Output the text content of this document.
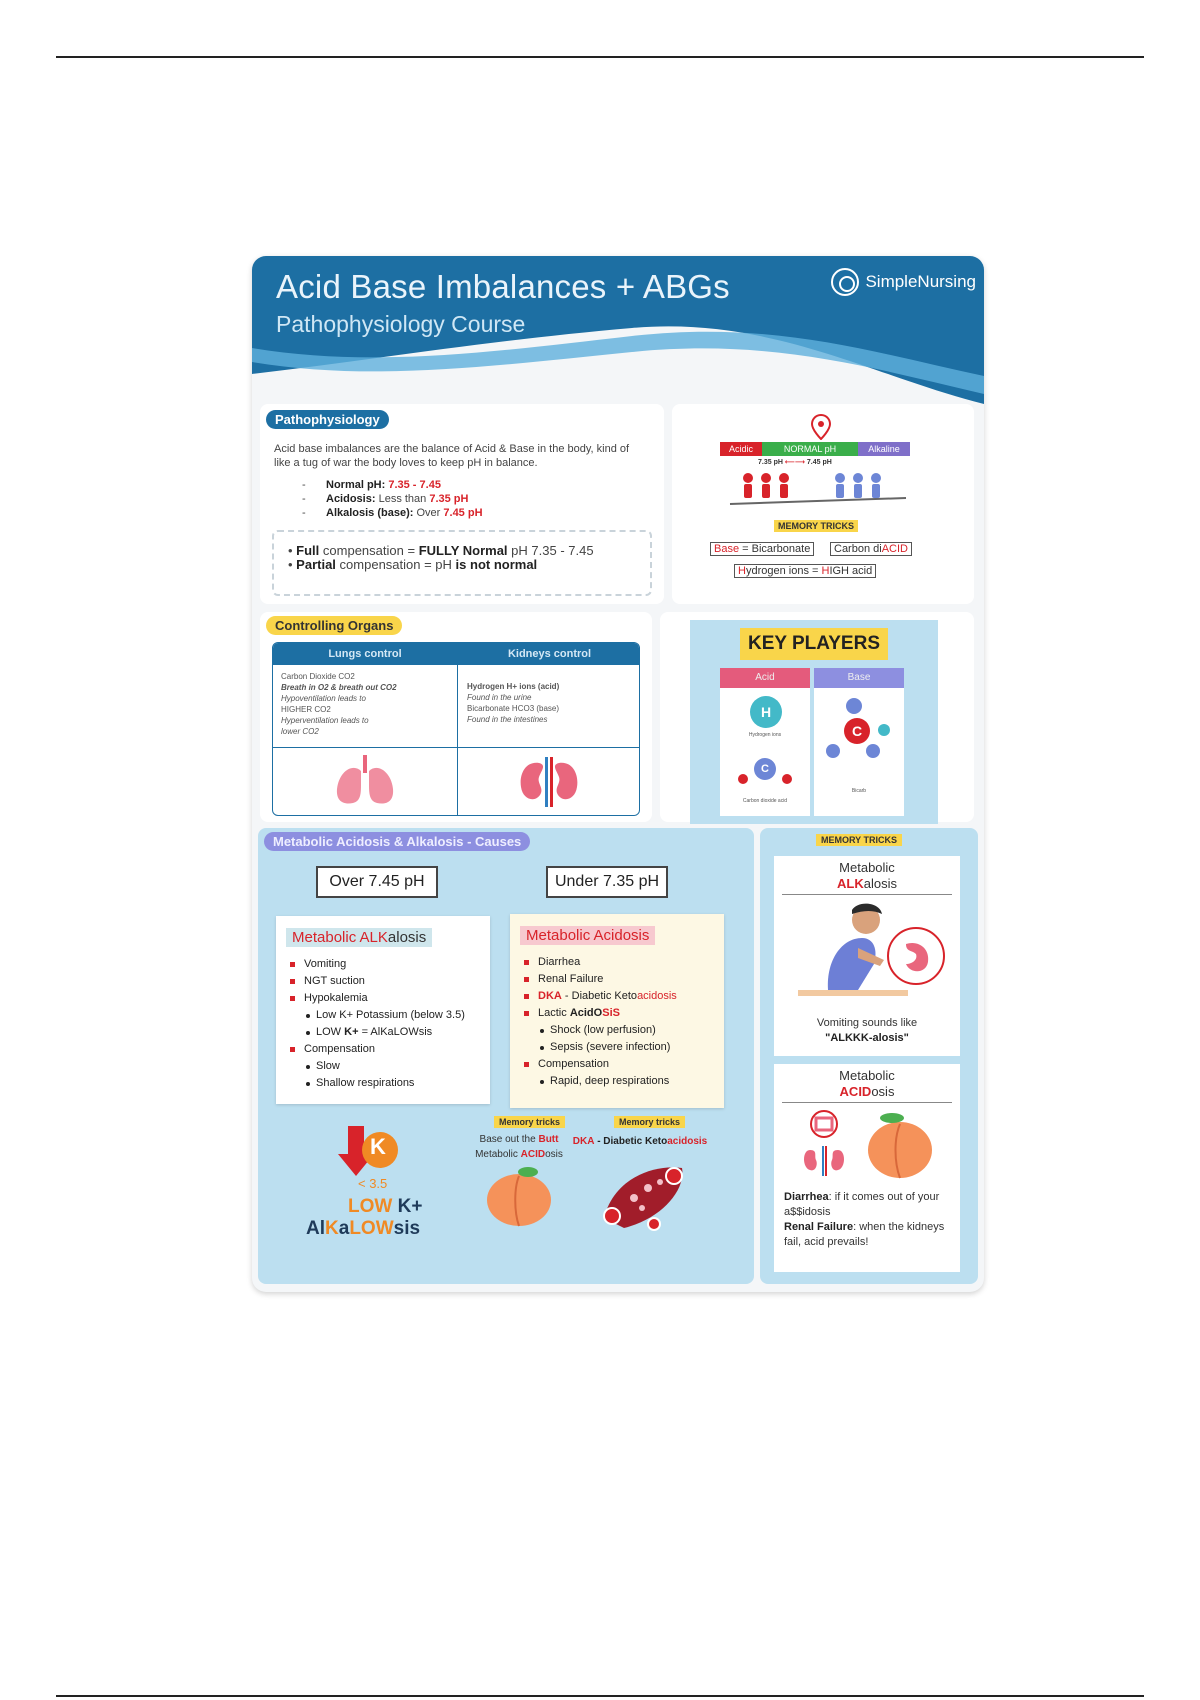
Acid Base Imbalances + ABGs
Pathophysiology Course
SimpleNursing
Pathophysiology
Acid base imbalances are the balance of Acid & Base in the body, kind of like a tug of war the body loves to keep pH in balance.
- Normal pH: 7.35 - 7.45
- Acidosis: Less than 7.35 pH
- Alkalosis (base): Over 7.45 pH
• Full compensation = FULLY Normal pH 7.35 - 7.45
• Partial compensation = pH is not normal
Acidic	NORMAL pH	Alkaline
7.35 pH ⟵⟶ 7.45 pH
MEMORY TRICKS
Base = Bicarbonate	Carbon diACID
Hydrogen ions = HIGH acid
Controlling Organs
Lungs control	Kidneys control
Carbon Dioxide CO2
Breath in O2 & breath out CO2
Hypoventilation leads to
HIGHER CO2
Hyperventilation leads to
lower CO2
Hydrogen H+ ions (acid)
Found in the urine
Bicarbonate HCO3 (base)
Found in the intestines
KEY PLAYERS
Acid
H
Hydrogen ions
C
Carbon dioxide acid
Base
C
Bicarb
Metabolic Acidosis & Alkalosis - Causes
Over 7.45 pH	Under 7.35 pH
Metabolic ALKalosis
Vomiting
NGT suction
Hypokalemia
Low K+ Potassium (below 3.5)
LOW K+ = AlKaLOWsis
Compensation
Slow
Shallow respirations
Metabolic Acidosis
Diarrhea
Renal Failure
DKA - Diabetic Ketoacidosis
Lactic AcidOSiS
Shock (low perfusion)
Sepsis (severe infection)
Compensation
Rapid, deep respirations
K
< 3.5
LOW K+
AlKaLOWsis
Memory tricks
Base out the Butt
Metabolic ACIDosis
Memory tricks
DKA - Diabetic Ketoacidosis
MEMORY TRICKS
Metabolic
ALKalosis
Vomiting sounds like
"ALKKK-alosis"
Metabolic
ACIDosis
Diarrhea: if it comes out of your a$$idosis
Renal Failure: when the kidneys fail, acid prevails!
